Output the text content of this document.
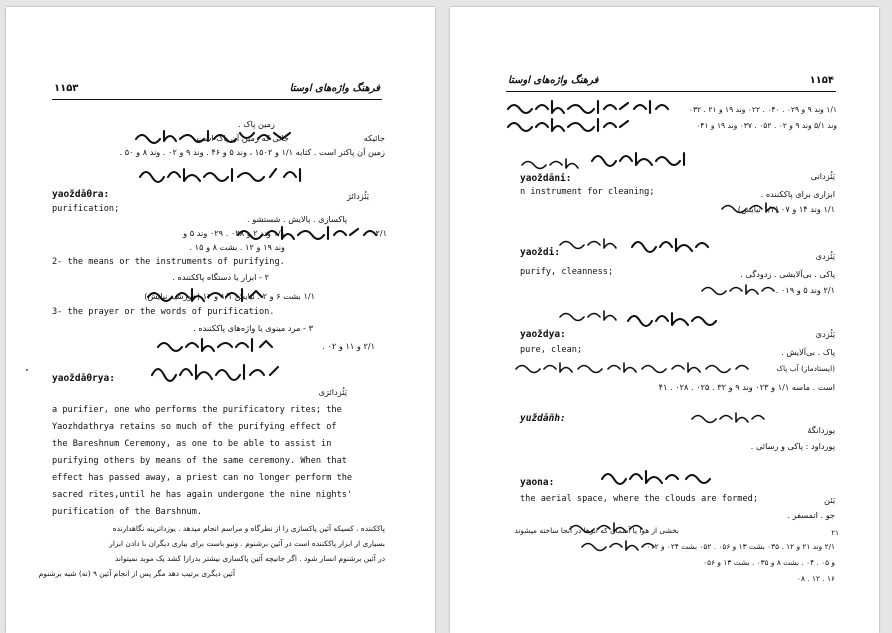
۱۱۵۳	فرهنگ واژه‌های اوستا
زمین پاک .
جائی که زمین آن پاک است	جائیکه
زمین آن پاکتر است . کتابه ۱/۱ و ۱۵۰۲ ، وند ۵ و ۴۶ . وند ۹ و ۰۲ . وند ۸ و ۵۰ .
yaoždāθra:	یَئُزدائرَ
purification;
پاکسازی . پالایش . شستشو .
۱/۱ وند ۲ و ۰۲۸ . ۰۲۹ وند ۵ و	۲/۱
وند ۱۹ و ۱۲ . بشت ۸ و ۱۵ .
2- the means or the instruments of purifying.
۲ - ابزار یا دستگاه پاککننده .
۱/۱ بشت ۶ و ۲ . نیایش ۱/۱ و ۱۲ (خورشید نیایش)
3- the prayer or the words of purification.
۳ - مرد مینوی یا واژه‌های پاککننده .
۲/۱ و ۱۱ و ۰۲ .
yaoždāθrya:
یَئُزدائرَی
a purifier, one who performs the purificatory rites; the
Yaozhdathrya retains so much of the purifying effect of
the Bareshnum Ceremony, as one to be able to assist in
purifying others by means of the same ceremony. When that
effect has passed away, a priest can no longer perform the
sacred rites,until he has again undergone the nine nights'
purification of the Barshnum.
پاککننده . کسیکه آئین پاکسازی را از نطرگاه و مراسم انجام میدهد . یوزداترینه نگاهدارنده
بسیاری از ابزار پاککننده است در آئین برشنوم . ونیو باست برای بیاری دیگران با دادن ابزار
در آئین برشنوم انسار شود . اگر جانیچه آئین پاکسازی بیشتر بدرازا کشد یک موبد نمیتواند
آئین دیگری برتیب دهد مگر پس از انجام آئین ۹ (نه) شبه برشنوم
فرهنگ واژه‌های اوستا	۱۱۵۴
۱/۱ وند ۹ و ۰۲۹ . ۰۴۰ . ۰۲۲ وند ۱۹ و ۲۱ . ۰۳۲
وند ۵/۱ وند ۹ و ۰۲ . ۰۵۲ . ۰۳۷ وند ۱۹ و ۰۴۱
yaoždāni:	یَئُزدانی
n instrument for cleaning;	ابزاری برای پاککننده .
۱/۱ وند ۱۴ و ۰۷ (۱/۲ نیایش)
yaoždi:	یَئُزدی
purify, cleanness;	پاکی . بی‌آلایشی . زدودگی .
۲/۱ وند ۵ و ۰۱۹ .
yaoždya:	یَئُزدیَ
pure, clean;	پاک . بی‌آلایش .
(ایستادماز) آب پاک
است . ماسه ۱/۱ و ۰۲۳ وند ۹ و ۳۲ . ۰۲۵ . ۰۲۸ . ۴۱
yuždāñh:
یوزدانگهٔ
پورداود : پاکی و رسائی .
yaona:
the aerial space, where the clouds are formed;	یَئن
جو . اتمسفر .
بخشی از هوا یا آسمان که ابرها در آنجا ساخته میشوند	۲۱
۲/۱ وند ۲۱ و ۱۲ . ۰۳۵ بشت ۱۳ و ۰۵۶ . ۰۵۲ بشت ۰۲۴ و ۰۱۲
و ۰۵ . ۰۴ . بشت ۸ و ۰۳۵ . بشت ۱۳ و ۰۵۶
۱۶ . ۱۲ . ۰۸
